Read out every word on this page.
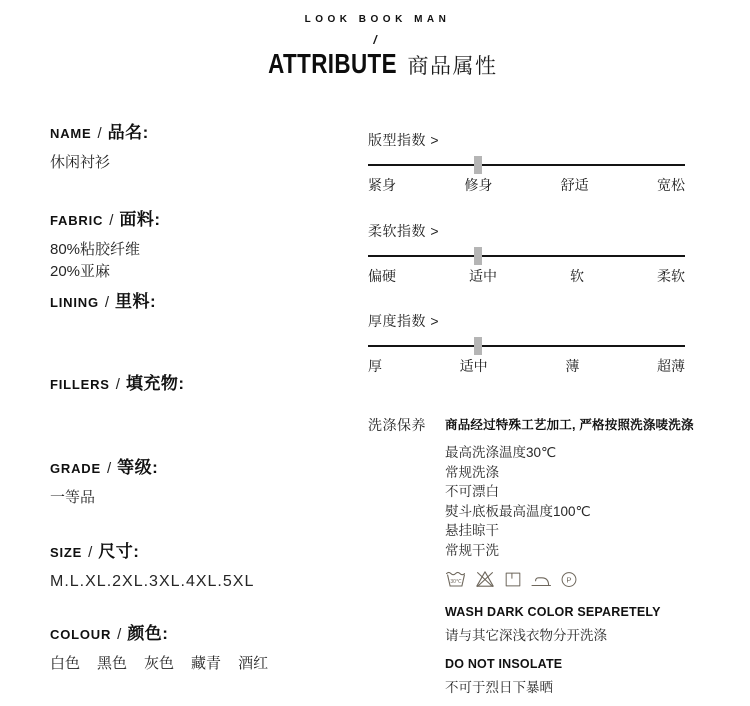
LOOK BOOK MAN
/
ATTRIBUTE 商品属性
NAME / 品名:
休闲衬衫
FABRIC / 面料:
80%粘胶纤维
20%亚麻
LINING / 里料:
FILLERS / 填充物:
GRADE / 等级:
一等品
SIZE / 尺寸:
M.L.XL.2XL.3XL.4XL.5XL
COLOUR / 颜色:
白色 黑色 灰色 藏青 酒红
版型指数 >
紧身	修身	舒适	宽松
柔软指数 >
偏硬	适中	软	柔软
厚度指数 >
厚	适中	薄	超薄
洗涤保养	商品经过特殊工艺加工, 严格按照洗涤唛洗涤
最高洗涤温度30℃
常规洗涤
不可漂白
熨斗底板最高温度100℃
悬挂晾干
常规干洗
30℃	P
WASH DARK COLOR SEPARETELY
请与其它深浅衣物分开洗涤
DO NOT INSOLATE
不可于烈日下暴晒
